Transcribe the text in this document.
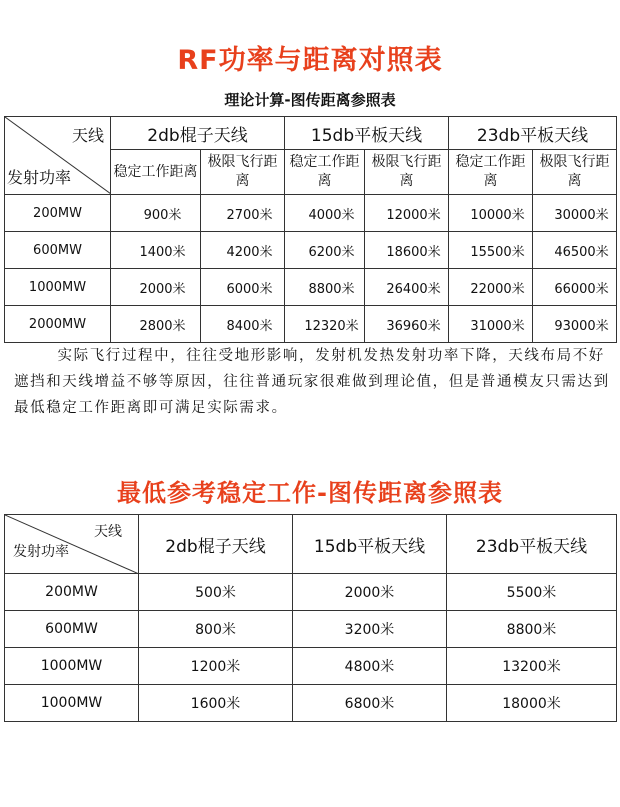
RF功率与距离对照表
理论计算-图传距离参照表
天线
发射功率	2db棍子天线		15db平板天线		23db平板天线	
	稳定工作距离	极限飞行距离	稳定工作距离	极限飞行距离	稳定工作距离	极限飞行距离
200MW	900米	2700米	4000米	12000米	10000米	30000米
600MW	1400米	4200米	6200米	18600米	15500米	46500米
1000MW	2000米	6000米	8800米	26400米	22000米	66000米
2000MW	2800米	8400米	12320米	36960米	31000米	93000米
实际飞行过程中，往往受地形影响，发射机发热发射功率下降，天线布局不好遮挡和天线增益不够等原因，往往普通玩家很难做到理论值，但是普通模友只需达到最低稳定工作距离即可满足实际需求。
最低参考稳定工作-图传距离参照表
天线
发射功率	2db棍子天线	15db平板天线	23db平板天线
200MW	500米	2000米	5500米
600MW	800米	3200米	8800米
1000MW	1200米	4800米	13200米
1000MW	1600米	6800米	18000米
